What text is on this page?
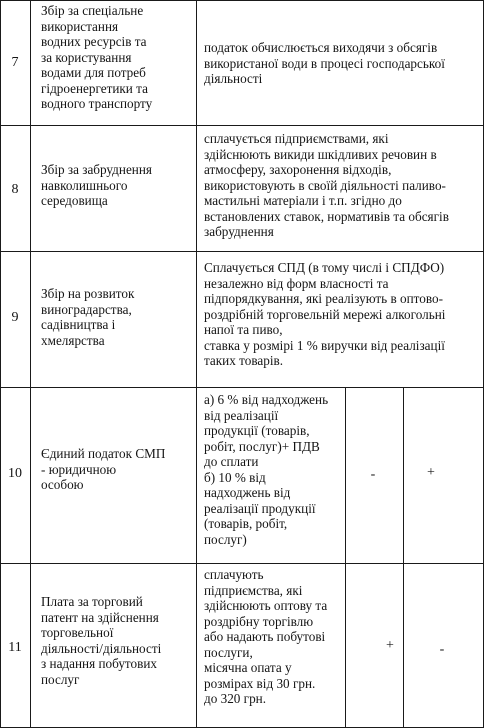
7
Збір за спеціальне
використання
водних ресурсів та
за користування
водами для потреб
гідроенергетики та
водного транспорту
податок обчислюється виходячи з обсягів
використаної води в процесі господарської
діяльності
8
Збір за забруднення
навколишнього
середовища
сплачується підприємствами, які
здійснюють викиди шкідливих речовин в
атмосферу, захоронення відходів,
використовують в своїй діяльності паливо-
мастильні матеріали і т.п. згідно до
встановлених ставок, нормативів та обсягів
забруднення
9
Збір на розвиток
виноградарства,
садівництва і
хмелярства
Сплачується СПД (в тому числі і СПДФО)
незалежно від форм власності та
підпорядкування, які реалізують в оптово-
роздрібній торговельній мережі алкогольні
напої та пиво,
ставка у розмірі 1 % виручки від реалізації
таких товарів.
10
Єдиний податок СМП
- юридичною
особою
а) 6 % від надходжень
від реалізації
продукції (товарів,
робіт, послуг)+ ПДВ
до сплати
б) 10 % від
надходжень від
реалізації продукції
(товарів, робіт,
послуг)
-	+
11
Плата за торговий
патент на здійснення
торговельної
діяльності/діяльності
з надання побутових
послуг
сплачують
підприємства, які
здійснюють оптову та
роздрібну торгівлю
або надають побутові
послуги,
місячна опата у
розмірах від 30 грн.
до 320 грн.
+	-
